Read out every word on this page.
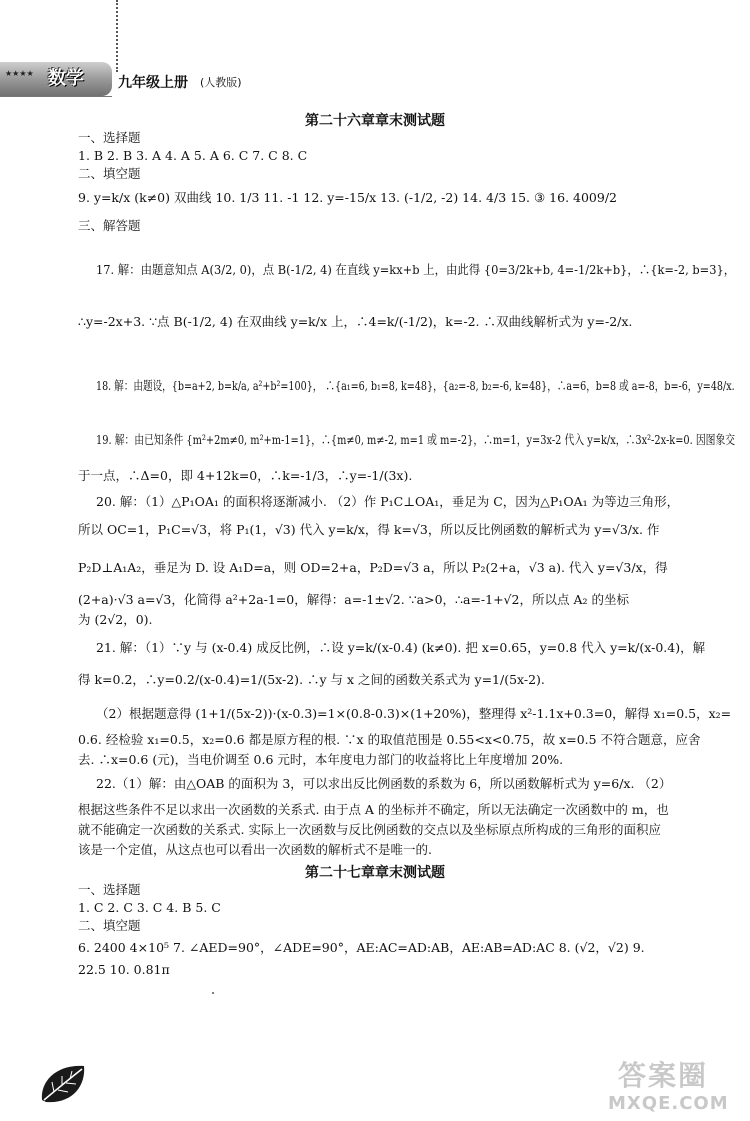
★★★★ 数学 九年级上册 (人教版)
第二十六章章末测试题
一、选择题
1. B 2. B 3. A 4. A 5. A 6. C 7. C 8. C
二、填空题
9. y=k/x (k≠0) 双曲线 10. 1/3 11. -1 12. y=-15/x 13. (-1/2, -2) 14. 4/3 15. ③ 16. 4009/2
三、解答题
17. 解：由题意知点 A(3/2, 0)，点 B(-1/2, 4) 在直线 y=kx+b 上，由此得 {0=3/2k+b, 4=-1/2k+b}，∴{k=-2, b=3}，
∴y=-2x+3. ∵点 B(-1/2, 4) 在双曲线 y=k/x 上，∴4=k/(-1/2)，k=-2. ∴双曲线解析式为 y=-2/x.
18. 解：由题设，{b=a+2, b=k/a, a²+b²=100}， ∴{a₁=6, b₁=8, k=48}，{a₂=-8, b₂=-6, k=48}，∴a=6，b=8 或 a=-8，b=-6，y=48/x.
19. 解：由已知条件 {m²+2m≠0, m²+m-1=1}，∴{m≠0, m≠-2, m=1 或 m=-2}，∴m=1，y=3x-2 代入 y=k/x，∴3x²-2x-k=0. 因图象交
于一点，∴Δ=0，即 4+12k=0，∴k=-1/3，∴y=-1/(3x).
20. 解：（1）△P₁OA₁ 的面积将逐渐减小. （2）作 P₁C⊥OA₁，垂足为 C，因为△P₁OA₁ 为等边三角形，
所以 OC=1，P₁C=√3，将 P₁(1，√3) 代入 y=k/x，得 k=√3，所以反比例函数的解析式为 y=√3/x. 作
P₂D⊥A₁A₂，垂足为 D. 设 A₁D=a，则 OD=2+a，P₂D=√3 a，所以 P₂(2+a，√3 a). 代入 y=√3/x，得
(2+a)·√3 a=√3，化简得 a²+2a-1=0，解得：a=-1±√2. ∵a>0，∴a=-1+√2，所以点 A₂ 的坐标
为 (2√2，0).
21. 解：（1）∵y 与 (x-0.4) 成反比例，∴设 y=k/(x-0.4) (k≠0). 把 x=0.65，y=0.8 代入 y=k/(x-0.4)，解
得 k=0.2，∴y=0.2/(x-0.4)=1/(5x-2). ∴y 与 x 之间的函数关系式为 y=1/(5x-2).
（2）根据题意得 (1+1/(5x-2))·(x-0.3)=1×(0.8-0.3)×(1+20%)，整理得 x²-1.1x+0.3=0，解得 x₁=0.5，x₂=
0.6. 经检验 x₁=0.5，x₂=0.6 都是原方程的根. ∵x 的取值范围是 0.55<x<0.75，故 x=0.5 不符合题意，应舍
去. ∴x=0.6 (元)，当电价调至 0.6 元时，本年度电力部门的收益将比上年度增加 20%.
22.（1）解：由△OAB 的面积为 3，可以求出反比例函数的系数为 6，所以函数解析式为 y=6/x. （2）
根据这些条件不足以求出一次函数的关系式. 由于点 A 的坐标并不确定，所以无法确定一次函数中的 m，也
就不能确定一次函数的关系式. 实际上一次函数与反比例函数的交点以及坐标原点所构成的三角形的面积应
该是一个定值，从这点也可以看出一次函数的解析式不是唯一的.
第二十七章章末测试题
一、选择题
1. C 2. C 3. C 4. B 5. C
二、填空题
6. 2400 4×10⁵ 7. ∠AED=90°，∠ADE=90°，AE:AC=AD:AB，AE:AB=AD:AC 8. (√2，√2) 9.
22.5 10. 0.81π
答案圈
MXQE.COM
